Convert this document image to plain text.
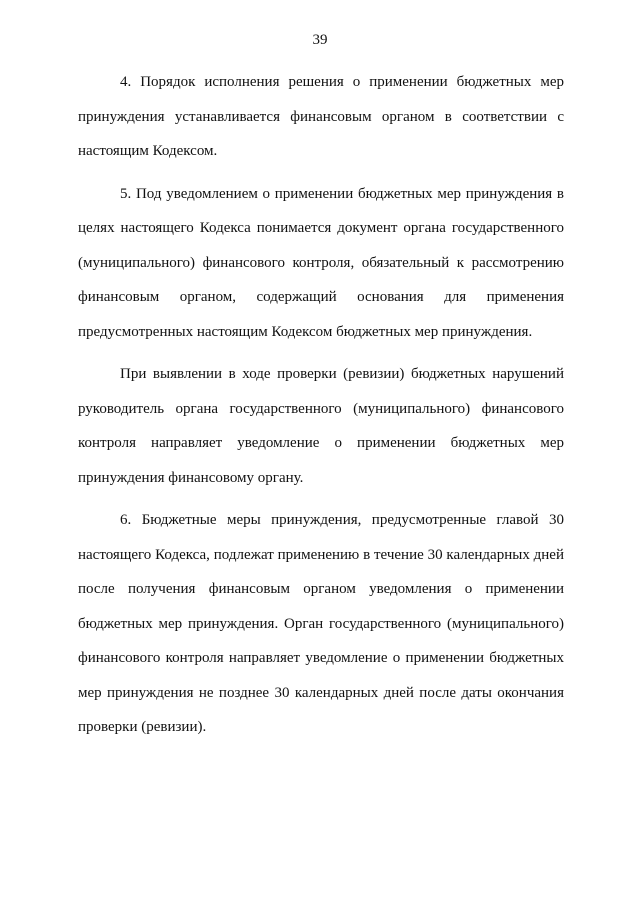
39

4. Порядок исполнения решения о применении бюджетных мер принуждения устанавливается финансовым органом в соответствии с настоящим Кодексом.

5. Под уведомлением о применении бюджетных мер принуждения в целях настоящего Кодекса понимается документ органа государственного (муниципального) финансового контроля, обязательный к рассмотрению финансовым органом, содержащий основания для применения предусмотренных настоящим Кодексом бюджетных мер принуждения.

При выявлении в ходе проверки (ревизии) бюджетных нарушений руководитель органа государственного (муниципального) финансового контроля направляет уведомление о применении бюджетных мер принуждения финансовому органу.

6. Бюджетные меры принуждения, предусмотренные главой 30 настоящего Кодекса, подлежат применению в течение 30 календарных дней после получения финансовым органом уведомления о применении бюджетных мер принуждения. Орган государственного (муниципального) финансового контроля направляет уведомление о применении бюджетных мер принуждения не позднее 30 календарных дней после даты окончания проверки (ревизии).
